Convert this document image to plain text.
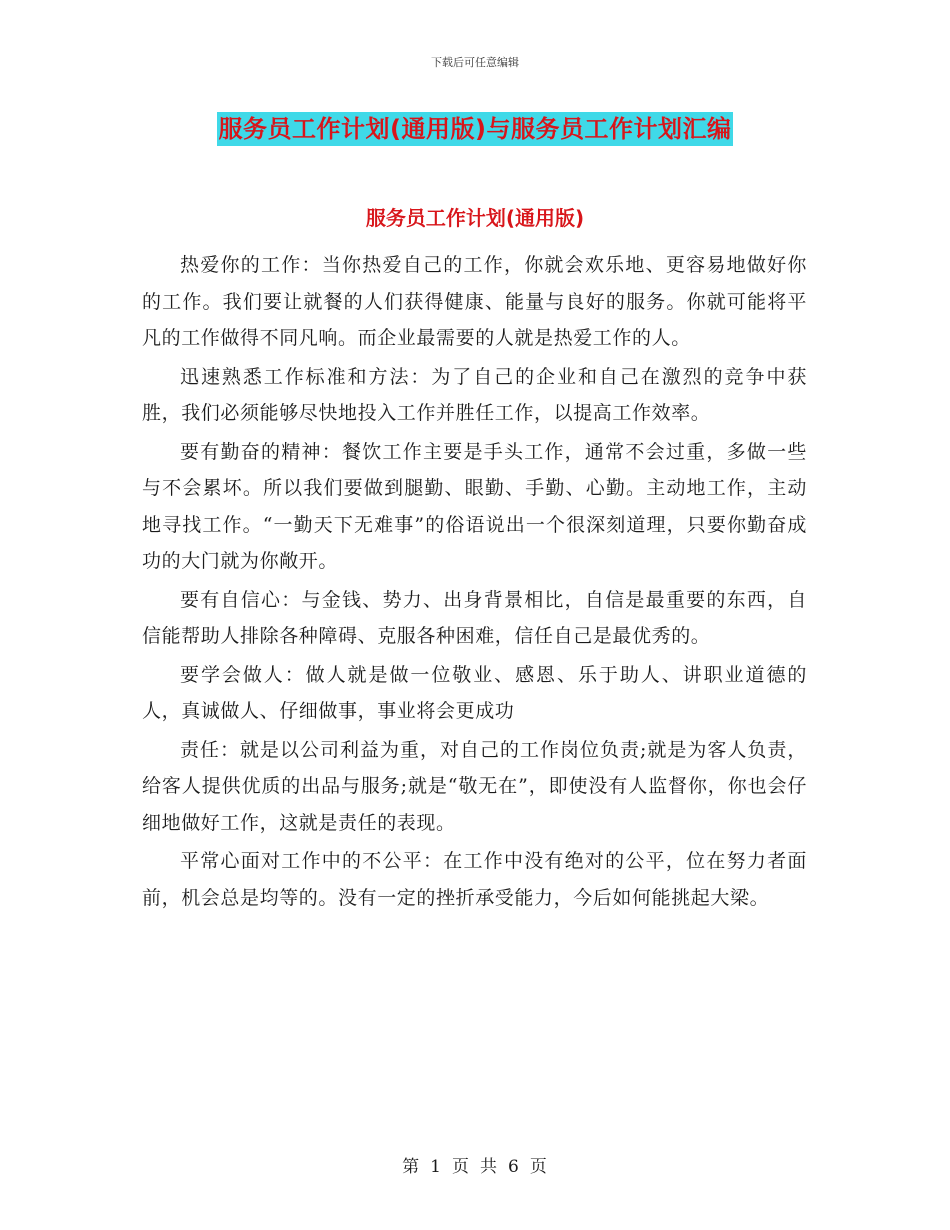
下载后可任意编辑
服务员工作计划(通用版)与服务员工作计划汇编
服务员工作计划(通用版)

热爱你的工作：当你热爱自己的工作，你就会欢乐地、更容易地做好你的工作。我们要让就餐的人们获得健康、能量与良好的服务。你就可能将平凡的工作做得不同凡响。而企业最需要的人就是热爱工作的人。

迅速熟悉工作标准和方法：为了自己的企业和自己在激烈的竞争中获胜，我们必须能够尽快地投入工作并胜任工作，以提高工作效率。

要有勤奋的精神：餐饮工作主要是手头工作，通常不会过重，多做一些与不会累坏。所以我们要做到腿勤、眼勤、手勤、心勤。主动地工作，主动地寻找工作。“一勤天下无难事”的俗语说出一个很深刻道理，只要你勤奋成功的大门就为你敞开。

要有自信心：与金钱、势力、出身背景相比，自信是最重要的东西，自信能帮助人排除各种障碍、克服各种困难，信任自己是最优秀的。

要学会做人：做人就是做一位敬业、感恩、乐于助人、讲职业道德的人，真诚做人、仔细做事，事业将会更成功

责任：就是以公司利益为重，对自己的工作岗位负责;就是为客人负责，给客人提供优质的出品与服务;就是“敬无在”，即使没有人监督你，你也会仔细地做好工作，这就是责任的表现。

平常心面对工作中的不公平：在工作中没有绝对的公平，位在努力者面前，机会总是均等的。没有一定的挫折承受能力，今后如何能挑起大梁。

第 1 页 共 6 页
